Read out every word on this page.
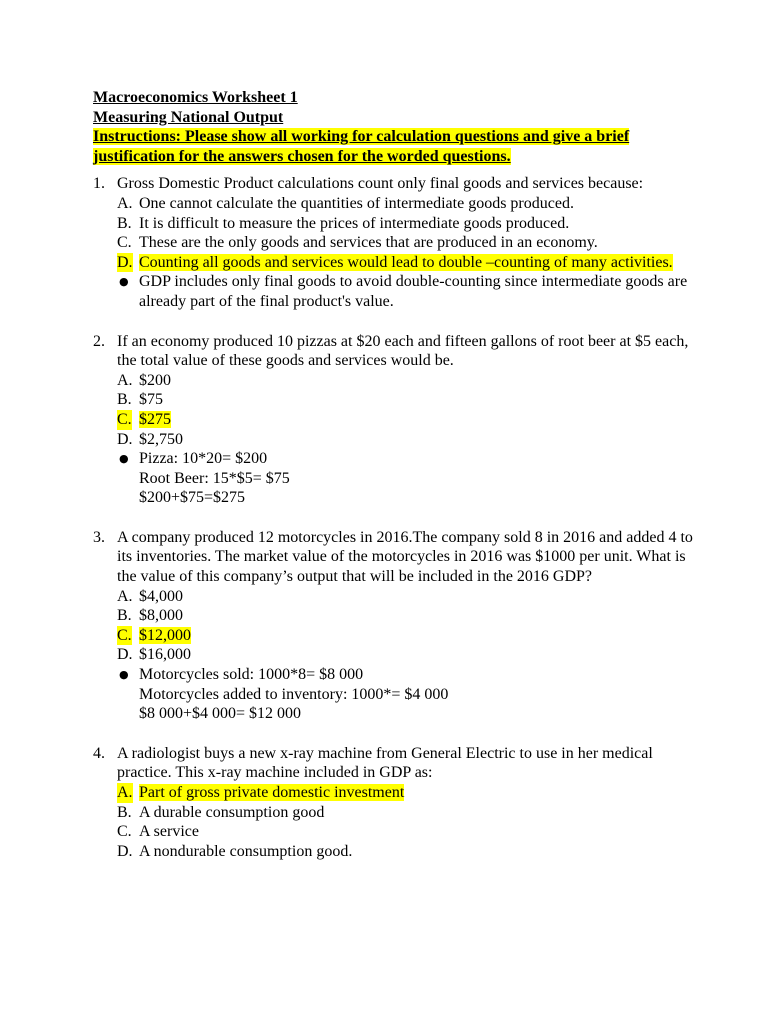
Macroeconomics Worksheet 1
Measuring National Output
Instructions: Please show all working for calculation questions and give a brief justification for the answers chosen for the worded questions.
1. Gross Domestic Product calculations count only final goods and services because:
A. One cannot calculate the quantities of intermediate goods produced.
B. It is difficult to measure the prices of intermediate goods produced.
C. These are the only goods and services that are produced in an economy.
D. Counting all goods and services would lead to double –counting of many activities.
● GDP includes only final goods to avoid double-counting since intermediate goods are already part of the final product's value.
2. If an economy produced 10 pizzas at $20 each and fifteen gallons of root beer at $5 each, the total value of these goods and services would be.
A. $200
B. $75
C. $275
D. $2,750
● Pizza: 10*20= $200
Root Beer: 15*$5= $75
$200+$75=$275
3. A company produced 12 motorcycles in 2016.The company sold 8 in 2016 and added 4 to its inventories. The market value of the motorcycles in 2016 was $1000 per unit. What is the value of this company’s output that will be included in the 2016 GDP?
A. $4,000
B. $8,000
C. $12,000
D. $16,000
● Motorcycles sold: 1000*8= $8 000
Motorcycles added to inventory: 1000*= $4 000
$8 000+$4 000= $12 000
4. A radiologist buys a new x-ray machine from General Electric to use in her medical practice. This x-ray machine included in GDP as:
A. Part of gross private domestic investment
B. A durable consumption good
C. A service
D. A nondurable consumption good.
